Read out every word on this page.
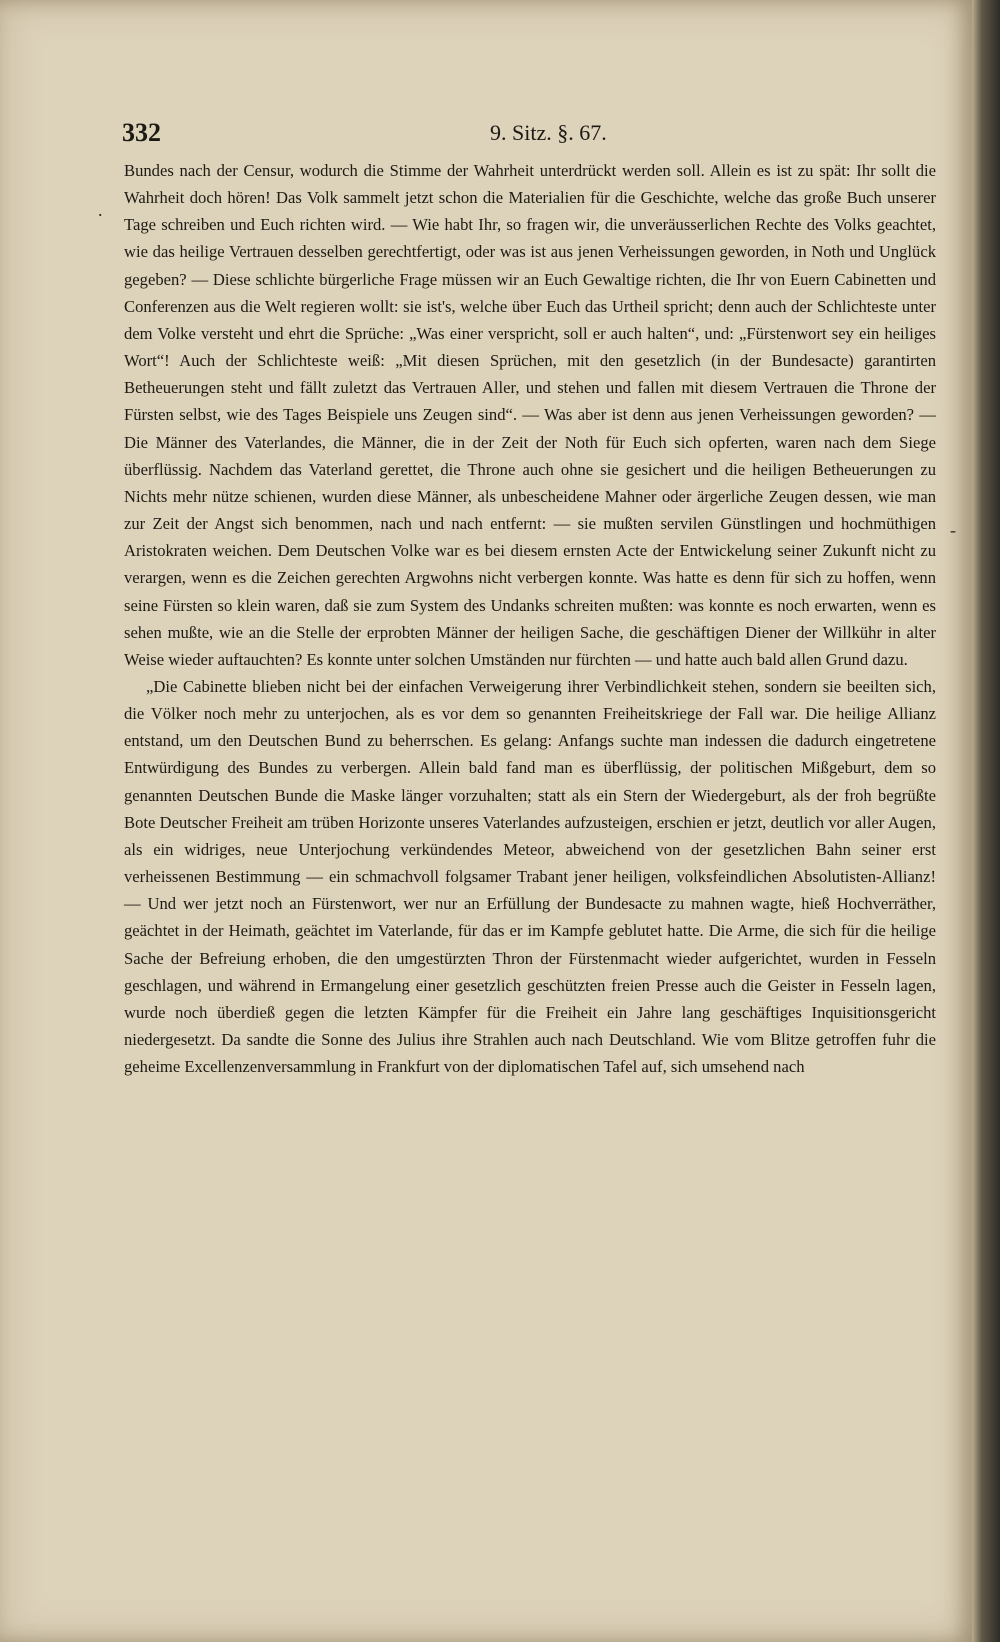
332	9. Sitz. §. 67.

Bundes nach der Censur, wodurch die Stimme der Wahrheit unterdrückt werden soll. Allein es ist zu spät: Ihr sollt die Wahrheit doch hören! Das Volk sammelt jetzt schon die Materialien für die Geschichte, welche das große Buch unserer Tage schreiben und Euch richten wird. — Wie habt Ihr, so fragen wir, die unveräusserlichen Rechte des Volks geachtet, wie das heilige Vertrauen desselben gerechtfertigt, oder was ist aus jenen Verheissungen geworden, in Noth und Unglück gegeben? — Diese schlichte bürgerliche Frage müssen wir an Euch Gewaltige richten, die Ihr von Euern Cabinetten und Conferenzen aus die Welt regieren wollt: sie ist's, welche über Euch das Urtheil spricht; denn auch der Schlichteste unter dem Volke versteht und ehrt die Sprüche: „Was einer verspricht, soll er auch halten“, und: „Fürstenwort sey ein heiliges Wort“! Auch der Schlichteste weiß: „Mit diesen Sprüchen, mit den gesetzlich (in der Bundesacte) garantirten Betheuerungen steht und fällt zuletzt das Vertrauen Aller, und stehen und fallen mit diesem Vertrauen die Throne der Fürsten selbst, wie des Tages Beispiele uns Zeugen sind“. — Was aber ist denn aus jenen Verheissungen geworden? — Die Männer des Vaterlandes, die Männer, die in der Zeit der Noth für Euch sich opferten, waren nach dem Siege überflüssig. Nachdem das Vaterland gerettet, die Throne auch ohne sie gesichert und die heiligen Betheuerungen zu Nichts mehr nütze schienen, wurden diese Männer, als unbescheidene Mahner oder ärgerliche Zeugen dessen, wie man zur Zeit der Angst sich benommen, nach und nach entfernt: — sie mußten servilen Günstlingen und hochmüthigen Aristokraten weichen. Dem Deutschen Volke war es bei diesem ernsten Acte der Entwickelung seiner Zukunft nicht zu verargen, wenn es die Zeichen gerechten Argwohns nicht verbergen konnte. Was hatte es denn für sich zu hoffen, wenn seine Fürsten so klein waren, daß sie zum System des Undanks schreiten mußten: was konnte es noch erwarten, wenn es sehen mußte, wie an die Stelle der erprobten Männer der heiligen Sache, die geschäftigen Diener der Willkühr in alter Weise wieder auftauchten? Es konnte unter solchen Umständen nur fürchten — und hatte auch bald allen Grund dazu.

„Die Cabinette blieben nicht bei der einfachen Verweigerung ihrer Verbindlichkeit stehen, sondern sie beeilten sich, die Völker noch mehr zu unterjochen, als es vor dem so genannten Freiheitskriege der Fall war. Die heilige Allianz entstand, um den Deutschen Bund zu beherrschen. Es gelang: Anfangs suchte man indessen die dadurch eingetretene Entwürdigung des Bundes zu verbergen. Allein bald fand man es überflüssig, der politischen Mißgeburt, dem so genannten Deutschen Bunde die Maske länger vorzuhalten; statt als ein Stern der Wiedergeburt, als der froh begrüßte Bote Deutscher Freiheit am trüben Horizonte unseres Vaterlandes aufzusteigen, erschien er jetzt, deutlich vor aller Augen, als ein widriges, neue Unterjochung verkündendes Meteor, abweichend von der gesetzlichen Bahn seiner erst verheissenen Bestimmung — ein schmachvoll folgsamer Trabant jener heiligen, volksfeindlichen Absolutisten-Allianz! — Und wer jetzt noch an Fürstenwort, wer nur an Erfüllung der Bundesacte zu mahnen wagte, hieß Hochverräther, geächtet in der Heimath, geächtet im Vaterlande, für das er im Kampfe geblutet hatte. Die Arme, die sich für die heilige Sache der Befreiung erhoben, die den umgestürzten Thron der Fürstenmacht wieder aufgerichtet, wurden in Fesseln geschlagen, und während in Ermangelung einer gesetzlich geschützten freien Presse auch die Geister in Fesseln lagen, wurde noch überdieß gegen die letzten Kämpfer für die Freiheit ein Jahre lang geschäftiges Inquisitionsgericht niedergesetzt. Da sandte die Sonne des Julius ihre Strahlen auch nach Deutschland. Wie vom Blitze getroffen fuhr die geheime Excellenzenversammlung in Frankfurt von der diplomatischen Tafel auf, sich umsehend nach

.
-
